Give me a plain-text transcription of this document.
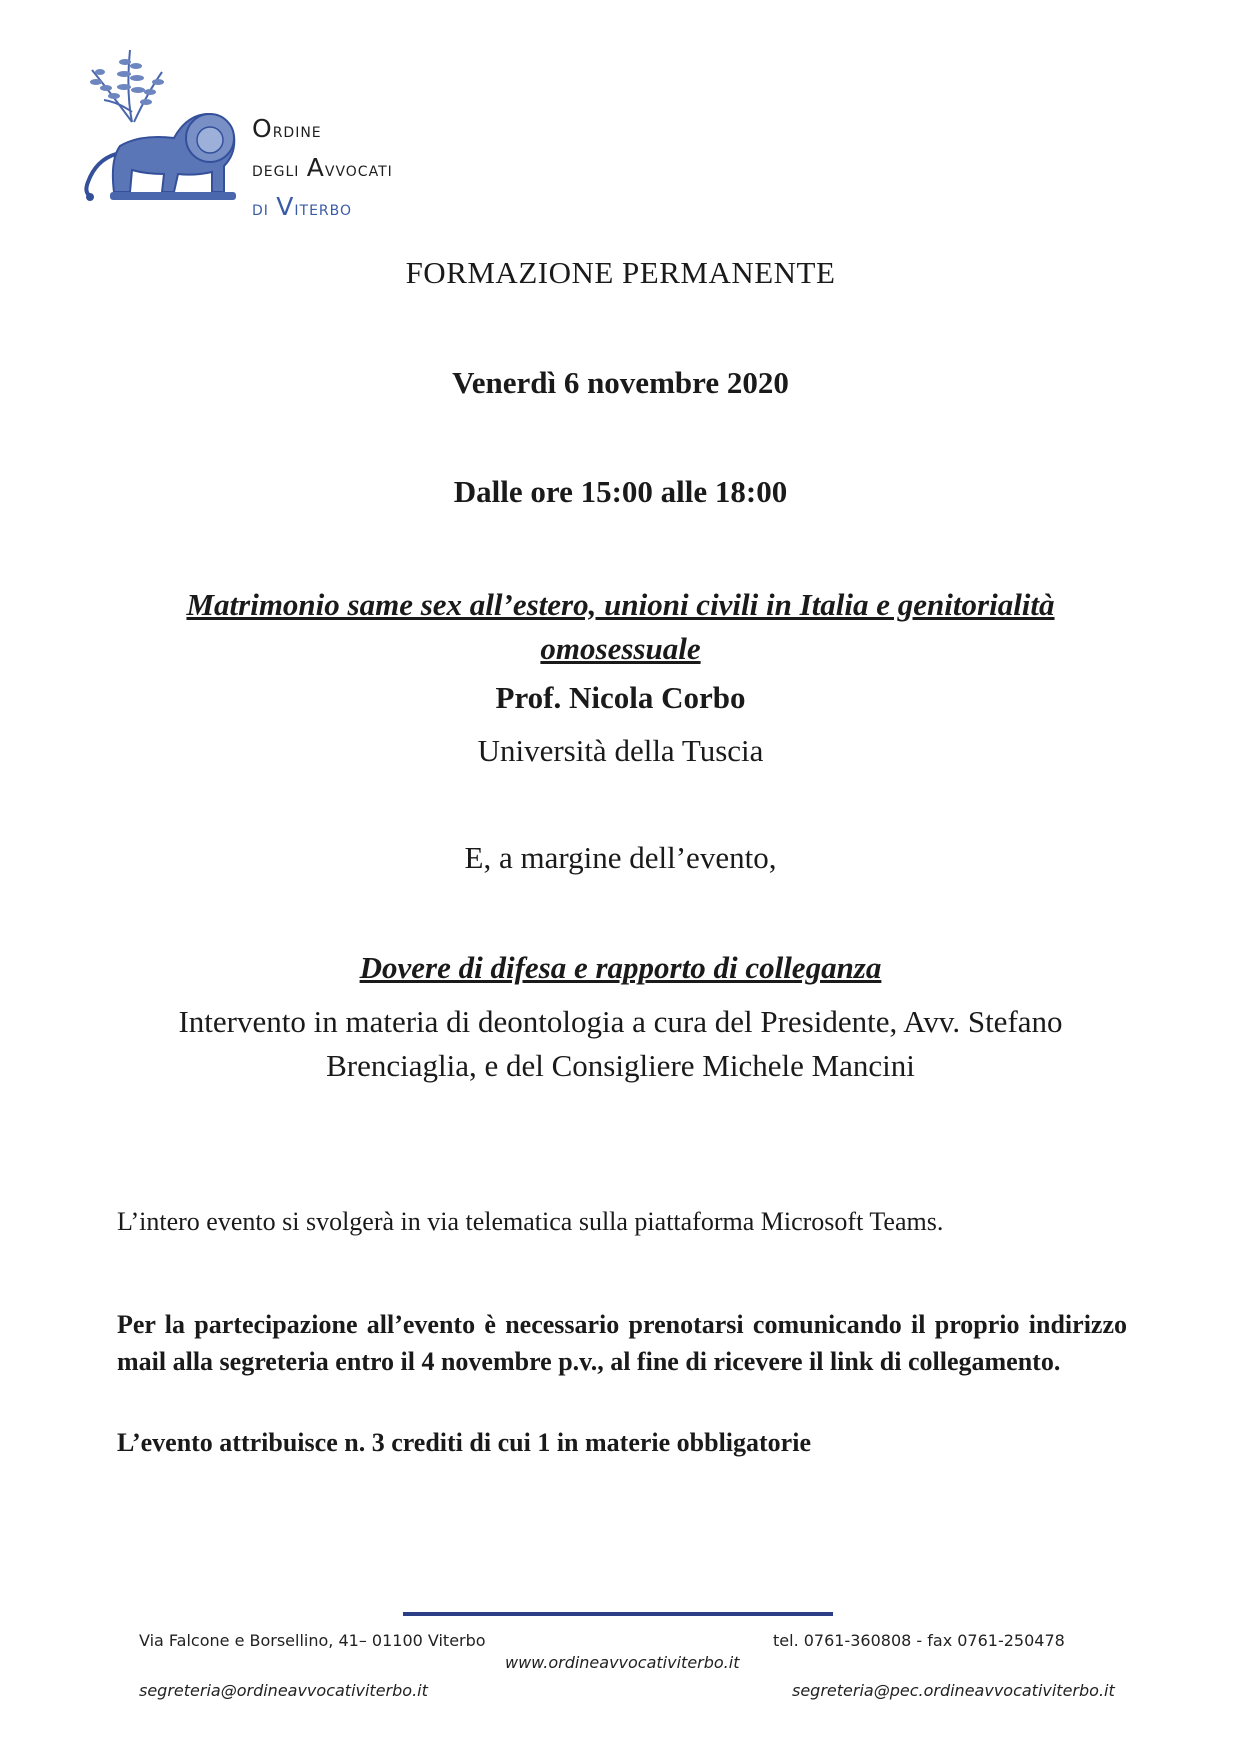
Ordine
degli Avvocati
di Viterbo
FORMAZIONE PERMANENTE
Venerdì 6 novembre 2020
Dalle ore 15:00 alle 18:00
Matrimonio same sex all’estero, unioni civili in Italia e genitorialità omosessuale
Prof. Nicola Corbo
Università della Tuscia
E, a margine dell’evento,
Dovere di difesa e rapporto di colleganza
Intervento in materia di deontologia a cura del Presidente, Avv. Stefano Brenciaglia, e del Consigliere Michele Mancini
L’intero evento si svolgerà in via telematica sulla piattaforma Microsoft Teams.
Per la partecipazione all’evento è necessario prenotarsi comunicando il proprio indirizzo mail alla segreteria entro il 4 novembre p.v., al fine di ricevere il link di collegamento.
L’evento attribuisce n. 3 crediti di cui 1 in materie obbligatorie
Via Falcone e Borsellino, 41– 01100 Viterbo	tel. 0761-360808 - fax 0761-250478
www.ordineavvocativiterbo.it
segreteria@ordineavvocativiterbo.it	segreteria@pec.ordineavvocativiterbo.it
